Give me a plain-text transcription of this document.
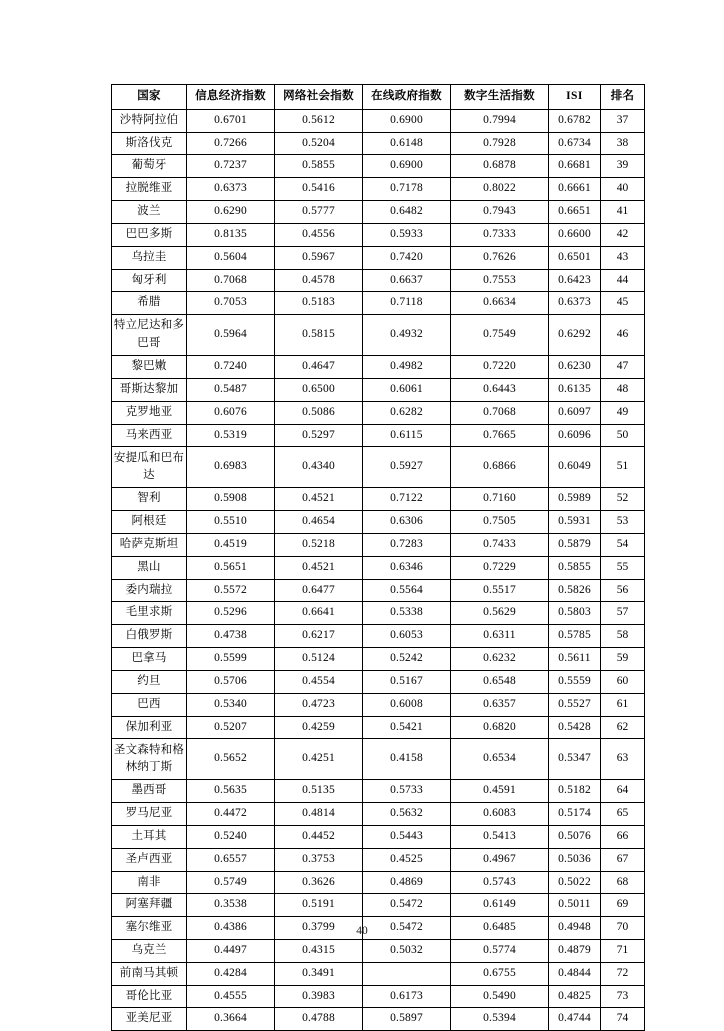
国家	信息经济指数	网络社会指数	在线政府指数	数字生活指数	ISI	排名
沙特阿拉伯	0.6701	0.5612	0.6900	0.7994	0.6782	37
斯洛伐克	0.7266	0.5204	0.6148	0.7928	0.6734	38
葡萄牙	0.7237	0.5855	0.6900	0.6878	0.6681	39
拉脱维亚	0.6373	0.5416	0.7178	0.8022	0.6661	40
波兰	0.6290	0.5777	0.6482	0.7943	0.6651	41
巴巴多斯	0.8135	0.4556	0.5933	0.7333	0.6600	42
乌拉圭	0.5604	0.5967	0.7420	0.7626	0.6501	43
匈牙利	0.7068	0.4578	0.6637	0.7553	0.6423	44
希腊	0.7053	0.5183	0.7118	0.6634	0.6373	45
特立尼达和多巴哥	0.5964	0.5815	0.4932	0.7549	0.6292	46
黎巴嫩	0.7240	0.4647	0.4982	0.7220	0.6230	47
哥斯达黎加	0.5487	0.6500	0.6061	0.6443	0.6135	48
克罗地亚	0.6076	0.5086	0.6282	0.7068	0.6097	49
马来西亚	0.5319	0.5297	0.6115	0.7665	0.6096	50
安提瓜和巴布达	0.6983	0.4340	0.5927	0.6866	0.6049	51
智利	0.5908	0.4521	0.7122	0.7160	0.5989	52
阿根廷	0.5510	0.4654	0.6306	0.7505	0.5931	53
哈萨克斯坦	0.4519	0.5218	0.7283	0.7433	0.5879	54
黑山	0.5651	0.4521	0.6346	0.7229	0.5855	55
委内瑞拉	0.5572	0.6477	0.5564	0.5517	0.5826	56
毛里求斯	0.5296	0.6641	0.5338	0.5629	0.5803	57
白俄罗斯	0.4738	0.6217	0.6053	0.6311	0.5785	58
巴拿马	0.5599	0.5124	0.5242	0.6232	0.5611	59
约旦	0.5706	0.4554	0.5167	0.6548	0.5559	60
巴西	0.5340	0.4723	0.6008	0.6357	0.5527	61
保加利亚	0.5207	0.4259	0.5421	0.6820	0.5428	62
圣文森特和格林纳丁斯	0.5652	0.4251	0.4158	0.6534	0.5347	63
墨西哥	0.5635	0.5135	0.5733	0.4591	0.5182	64
罗马尼亚	0.4472	0.4814	0.5632	0.6083	0.5174	65
土耳其	0.5240	0.4452	0.5443	0.5413	0.5076	66
圣卢西亚	0.6557	0.3753	0.4525	0.4967	0.5036	67
南非	0.5749	0.3626	0.4869	0.5743	0.5022	68
阿塞拜疆	0.3538	0.5191	0.5472	0.6149	0.5011	69
塞尔维亚	0.4386	0.3799	0.5472	0.6485	0.4948	70
乌克兰	0.4497	0.4315	0.5032	0.5774	0.4879	71
前南马其顿	0.4284	0.3491		0.6755	0.4844	72
哥伦比亚	0.4555	0.3983	0.6173	0.5490	0.4825	73
亚美尼亚	0.3664	0.4788	0.5897	0.5394	0.4744	74
40
